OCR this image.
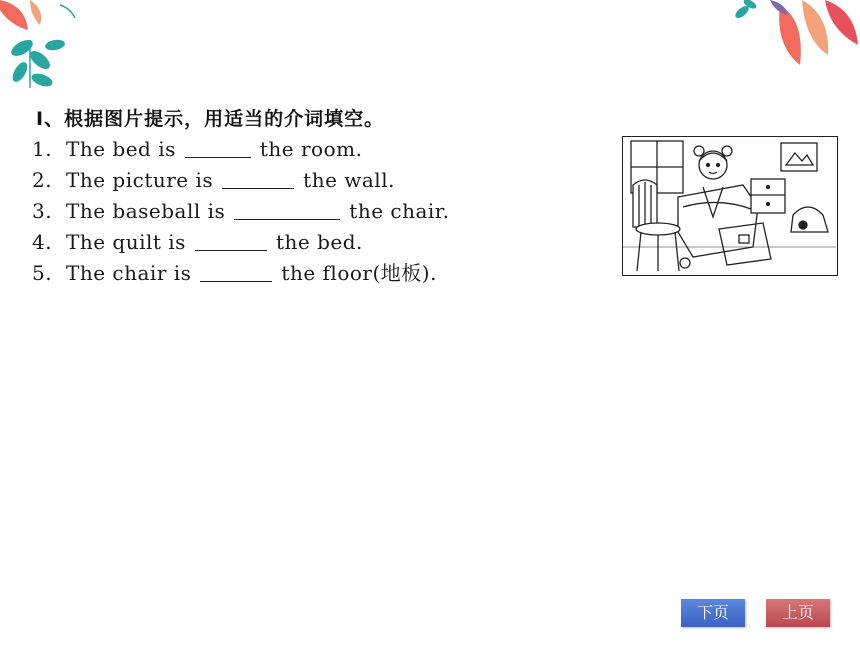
Ⅰ、根据图片提示，用适当的介词填空。
1. The bed is	the room.
2. The picture is	the wall.
3. The baseball is	the chair.
4. The quilt is	the bed.
5. The chair is	the floor(地板).
下页	上页
